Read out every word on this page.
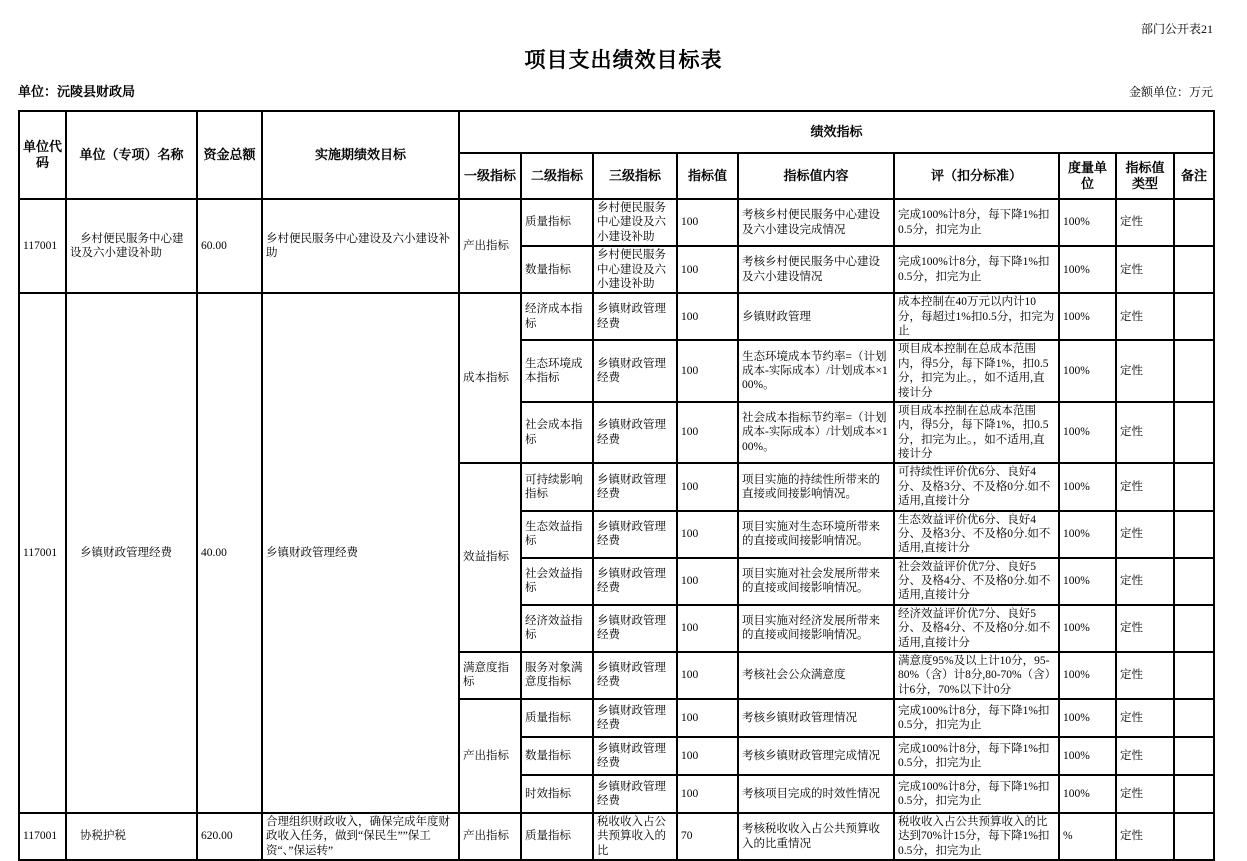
部门公开表21
项目支出绩效目标表
单位：沅陵县财政局	金额单位：万元
单位代码	单位（专项）名称	资金总额	实施期绩效目标	绩效指标								
				一级指标	二级指标	三级指标	指标值	指标值内容	评（扣分标准）	度量单位	指标值类型	备注
117001	乡村便民服务中心建设及六小建设补助	60.00	乡村便民服务中心建设及六小建设补助	产出指标	质量指标	乡村便民服务中心建设及六小建设补助	100	考核乡村便民服务中心建设及六小建设完成情况	完成100%计8分，每下降1%扣0.5分，扣完为止	100%	定性	
					数量指标	乡村便民服务中心建设及六小建设补助	100	考核乡村便民服务中心建设及六小建设情况	完成100%计8分，每下降1%扣0.5分，扣完为止	100%	定性	
117001	乡镇财政管理经费	40.00	乡镇财政管理经费	成本指标	经济成本指标	乡镇财政管理经费	100	乡镇财政管理	成本控制在40万元以内计10分，每超过1%扣0.5分，扣完为止	100%	定性	
					生态环境成本指标	乡镇财政管理经费	100	生态环境成本节约率=（计划成本-实际成本）/计划成本×100%。	项目成本控制在总成本范围内，得5分，每下降1%，扣0.5分，扣完为止。，如不适用,直接计分	100%	定性	
					社会成本指标	乡镇财政管理经费	100	社会成本指标节约率=（计划成本-实际成本）/计划成本×100%。	项目成本控制在总成本范围内，得5分，每下降1%，扣0.5分，扣完为止。，如不适用,直接计分	100%	定性	
				效益指标	可持续影响指标	乡镇财政管理经费	100	项目实施的持续性所带来的直接或间接影响情况。	可持续性评价优6分、良好4分、及格3分、不及格0分.如不适用,直接计分	100%	定性	
					生态效益指标	乡镇财政管理经费	100	项目实施对生态环境所带来的直接或间接影响情况。	生态效益评价优6分、良好4分、及格3分、不及格0分.如不适用,直接计分	100%	定性	
					社会效益指标	乡镇财政管理经费	100	项目实施对社会发展所带来的直接或间接影响情况。	社会效益评价优7分、良好5分、及格4分、不及格0分.如不适用,直接计分	100%	定性	
					经济效益指标	乡镇财政管理经费	100	项目实施对经济发展所带来的直接或间接影响情况。	经济效益评价优7分、良好5分、及格4分、不及格0分.如不适用,直接计分	100%	定性	
				满意度指标	服务对象满意度指标	乡镇财政管理经费	100	考核社会公众满意度	满意度95%及以上计10分，95-80%（含）计8分,80-70%（含）计6分，70%以下计0分	100%	定性	
				产出指标	质量指标	乡镇财政管理经费	100	考核乡镇财政管理情况	完成100%计8分，每下降1%扣0.5分，扣完为止	100%	定性	
					数量指标	乡镇财政管理经费	100	考核乡镇财政管理完成情况	完成100%计8分，每下降1%扣0.5分，扣完为止	100%	定性	
					时效指标	乡镇财政管理经费	100	考核项目完成的时效性情况	完成100%计8分，每下降1%扣0.5分，扣完为止	100%	定性	
117001	协税护税	620.00	合理组织财政收入，确保完成年度财政收入任务，做到“保民生””保工资“、”保运转”	产出指标	质量指标	税收收入占公共预算收入的比	70	考核税收收入占公共预算收入的比重情况	税收收入占公共预算收入的比达到70%计15分，每下降1%扣0.5分，扣完为止	%	定性	
